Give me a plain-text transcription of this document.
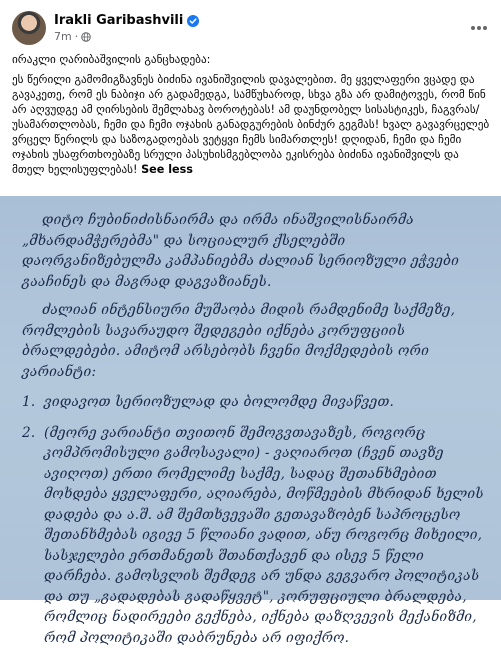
Irakli Garibashvili
7m ·

ირაკლი ღარიბაშვილის განცხადება:

ეს წერილი გამომიგზავნეს ბიძინა ივანიშვილის დავალებით. მე ყველაფერი ვცადე და გავაკეთე, რომ ეს ნაბიჯი არ გადამედგა, სამწუხაროდ, სხვა გზა არ დამიტოვეს, რომ წინ არ აღვუდგე ამ ღირსების შემლახავ ბოროტებას! ამ დაუნდობელ სისასტიკეს, ჩაგვრას/უსამართლობას, ჩემი და ჩემი ოჯახის განადგურების ბინძურ გეგმას! ხვალ გავავრცელებ ვრცელ წერილს და საზოგადოებას ვეტყვი ჩემს სიმართლეს! დღიდან, ჩემი და ჩემი ოჯახის უსაფრთხოებაზე სრული პასუხისმგებლობა ეკისრება ბიძინა ივანიშვილს და მთელ ხელისუფლებას! See less

დიტო ჩუბინიძისნაირმა და ირმა ინაშვილისნაირმა „მხარდამჭერებმა" და სოციალურ ქსელებში დაორგანიზებულმა კამპანიებმა ძალიან სერიოზული ეჭვები გააჩინეს და მაგრად დაგვაზიანეს.

ძალიან ინტენსიური მუშაობა მიდის რამდენიმე საქმეზე, რომლების სავარაუდო შედეგები იქნება კორუფციის ბრალდებები. ამიტომ არსებობს ჩვენი მოქმედების ორი ვარიანტი:

1. ვიდავოთ სერიოზულად და ბოლომდე მივაწვეთ.
2. (მეორე ვარიანტი თვითონ შემოგვთავაზეს, როგორც კომპრომისული გამოსავალი) - ვაღიაროთ (ჩვენ თავზე ავიღოთ) ერთი რომელიმე საქმე, სადაც შეთანხმებით მოხდება ყველაფერი, აღიარება, მოწმეების მხრიდან ხელის დადება და ა.შ. ამ შემთხვევაში გეთავაზობენ საპროცესო შეთანხმებას იგივე 5 წლიანი ვადით, ანუ როგორც მიხეილი, სასჯელები ერთმანეთს შთანთქავენ და ისევ 5 წელი დარჩება. გამოსვლის შემდეგ არ უნდა გეგვარო პოლიტიკას და თუ „გადადებას გადაწყვეტ", კორუფციული ბრალდება, რომლიც ნადირეები გექნება, იქნება დაზღვევის მექანიზმი, რომ პოლიტიკაში დაბრუნება არ იფიქრო.
